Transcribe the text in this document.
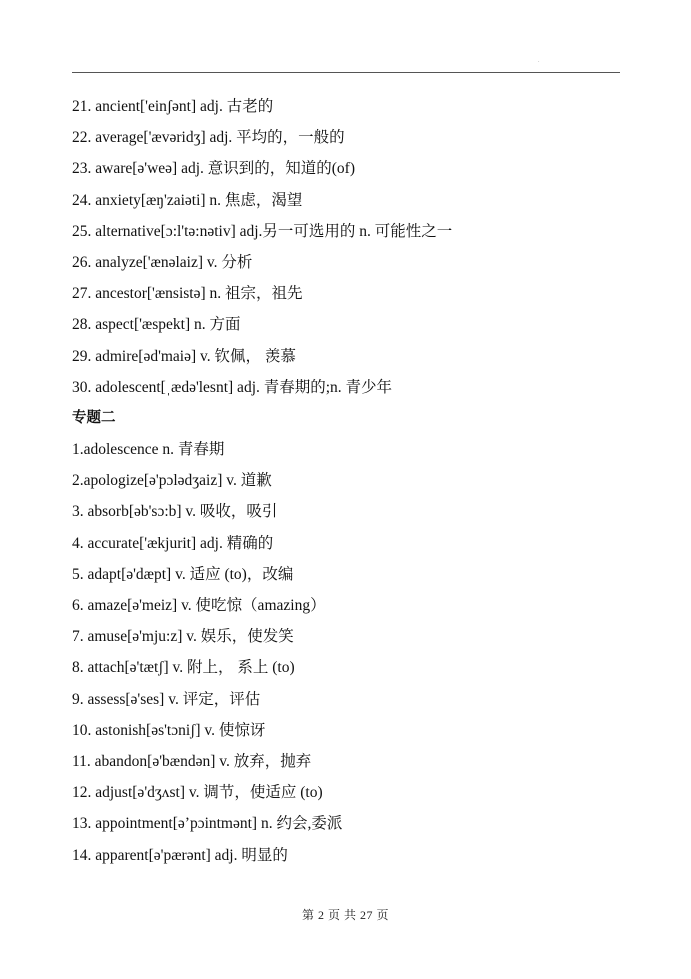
.
21. ancient['einʃənt] adj. 古老的
22. average['ævəridʒ] adj. 平均的，一般的
23. aware[ə'weə] adj. 意识到的，知道的(of)
24. anxiety[æŋ'zaiəti] n. 焦虑，渴望
25. alternative[ɔ:l'tə:nətiv] adj.另一可选用的 n. 可能性之一
26. analyze['ænəlaiz] v. 分析
27. ancestor['ænsistə] n. 祖宗，祖先
28. aspect['æspekt] n. 方面
29. admire[əd'maiə] v. 钦佩， 羡慕
30. adolescent[ˌædə'lesnt] adj. 青春期的;n. 青少年
专题二
1.adolescence n. 青春期
2.apologize[ə'pɔlədʒaiz] v. 道歉
3. absorb[əb'sɔ:b] v. 吸收，吸引
4. accurate['ækjurit] adj. 精确的
5. adapt[ə'dæpt] v. 适应 (to)，改编
6. amaze[ə'meiz] v. 使吃惊（amazing）
7. amuse[ə'mju:z] v. 娱乐，使发笑
8. attach[ə'tætʃ] v. 附上， 系上 (to)
9. assess[ə'ses] v. 评定，评估
10. astonish[əs'tɔniʃ] v. 使惊讶
11. abandon[ə'bændən] v. 放弃，抛弃
12. adjust[ə'dʒʌst] v. 调节，使适应 (to)
13. appointment[ə’pɔintmənt] n. 约会,委派
14. apparent[ə'pærənt] adj. 明显的
第 2 页 共 27 页
